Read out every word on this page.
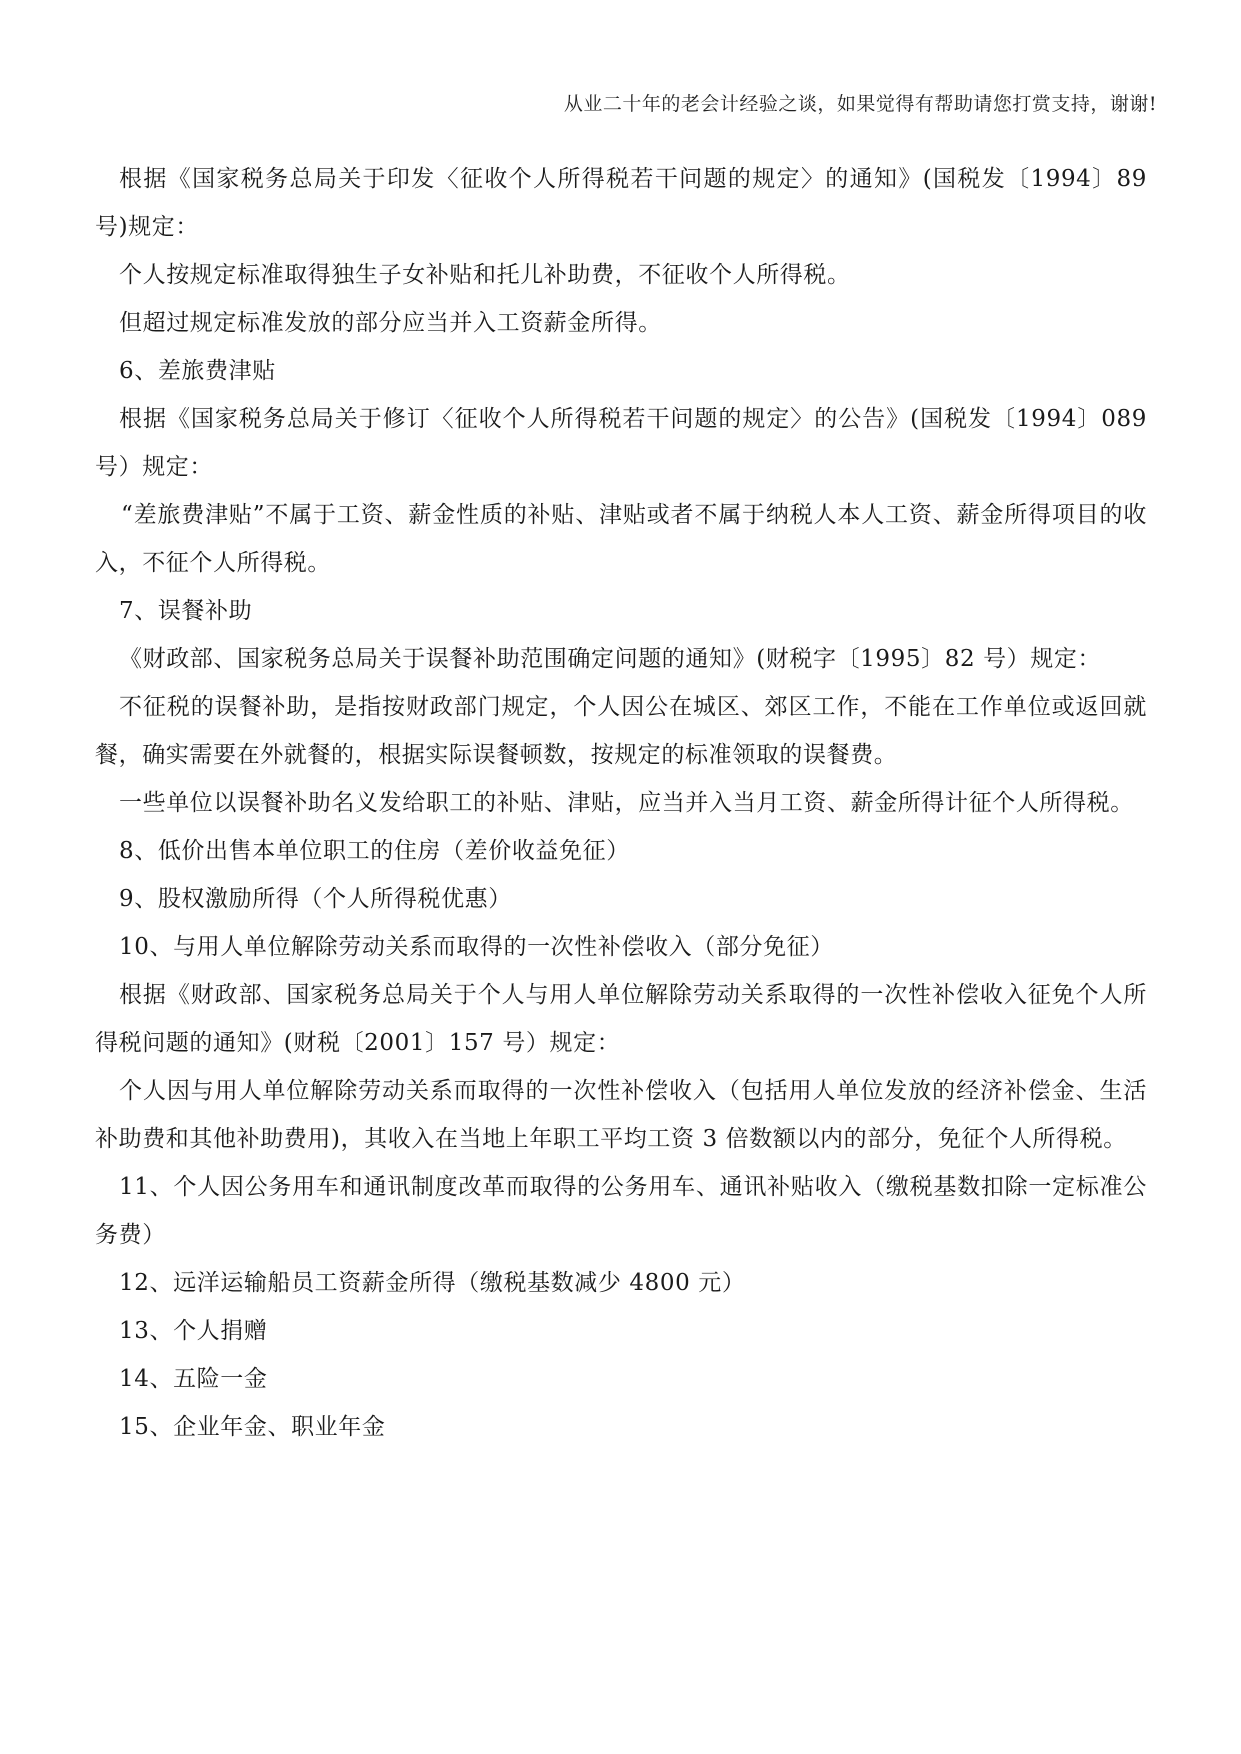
从业二十年的老会计经验之谈，如果觉得有帮助请您打赏支持，谢谢!

根据《国家税务总局关于印发〈征收个人所得税若干问题的规定〉的通知》(国税发〔1994〕89号)规定：

个人按规定标准取得独生子女补贴和托儿补助费，不征收个人所得税。

但超过规定标准发放的部分应当并入工资薪金所得。

6、差旅费津贴

根据《国家税务总局关于修订〈征收个人所得税若干问题的规定〉的公告》(国税发〔1994〕089号）规定：

“差旅费津贴”不属于工资、薪金性质的补贴、津贴或者不属于纳税人本人工资、薪金所得项目的收入，不征个人所得税。

7、误餐补助

《财政部、国家税务总局关于误餐补助范围确定问题的通知》(财税字〔1995〕82 号）规定：

不征税的误餐补助，是指按财政部门规定，个人因公在城区、郊区工作，不能在工作单位或返回就餐，确实需要在外就餐的，根据实际误餐顿数，按规定的标准领取的误餐费。

一些单位以误餐补助名义发给职工的补贴、津贴，应当并入当月工资、薪金所得计征个人所得税。

8、低价出售本单位职工的住房（差价收益免征）

9、股权激励所得（个人所得税优惠）

10、与用人单位解除劳动关系而取得的一次性补偿收入（部分免征）

根据《财政部、国家税务总局关于个人与用人单位解除劳动关系取得的一次性补偿收入征免个人所得税问题的通知》(财税〔2001〕157 号）规定：

个人因与用人单位解除劳动关系而取得的一次性补偿收入（包括用人单位发放的经济补偿金、生活补助费和其他补助费用)，其收入在当地上年职工平均工资 3 倍数额以内的部分，免征个人所得税。

11、个人因公务用车和通讯制度改革而取得的公务用车、通讯补贴收入（缴税基数扣除一定标准公务费）

12、远洋运输船员工资薪金所得（缴税基数减少 4800 元）

13、个人捐赠

14、五险一金

15、企业年金、职业年金
